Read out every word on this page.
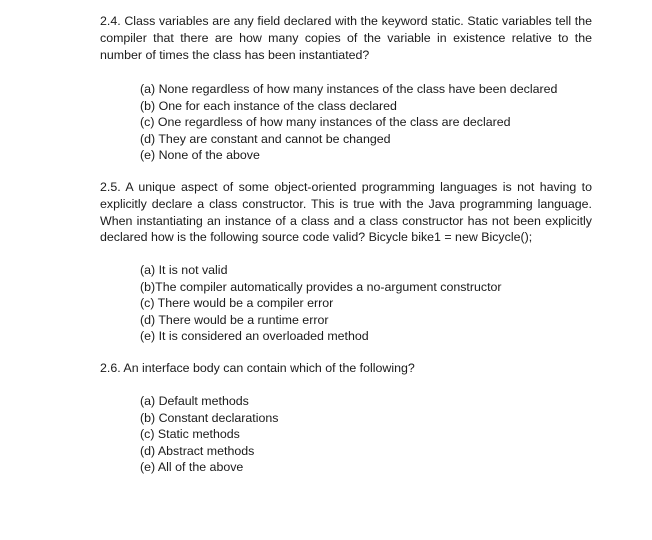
2.4. Class variables are any field declared with the keyword static. Static variables tell the compiler that there are how many copies of the variable in existence relative to the number of times the class has been instantiated?

(a) None regardless of how many instances of the class have been declared
(b) One for each instance of the class declared
(c) One regardless of how many instances of the class are declared
(d) They are constant and cannot be changed
(e) None of the above

2.5. A unique aspect of some object-oriented programming languages is not having to explicitly declare a class constructor. This is true with the Java programming language. When instantiating an instance of a class and a class constructor has not been explicitly declared how is the following source code valid? Bicycle bike1 = new Bicycle();

(a) It is not valid
(b)The compiler automatically provides a no-argument constructor
(c) There would be a compiler error
(d) There would be a runtime error
(e) It is considered an overloaded method

2.6. An interface body can contain which of the following?

(a) Default methods
(b) Constant declarations
(c) Static methods
(d) Abstract methods
(e) All of the above
